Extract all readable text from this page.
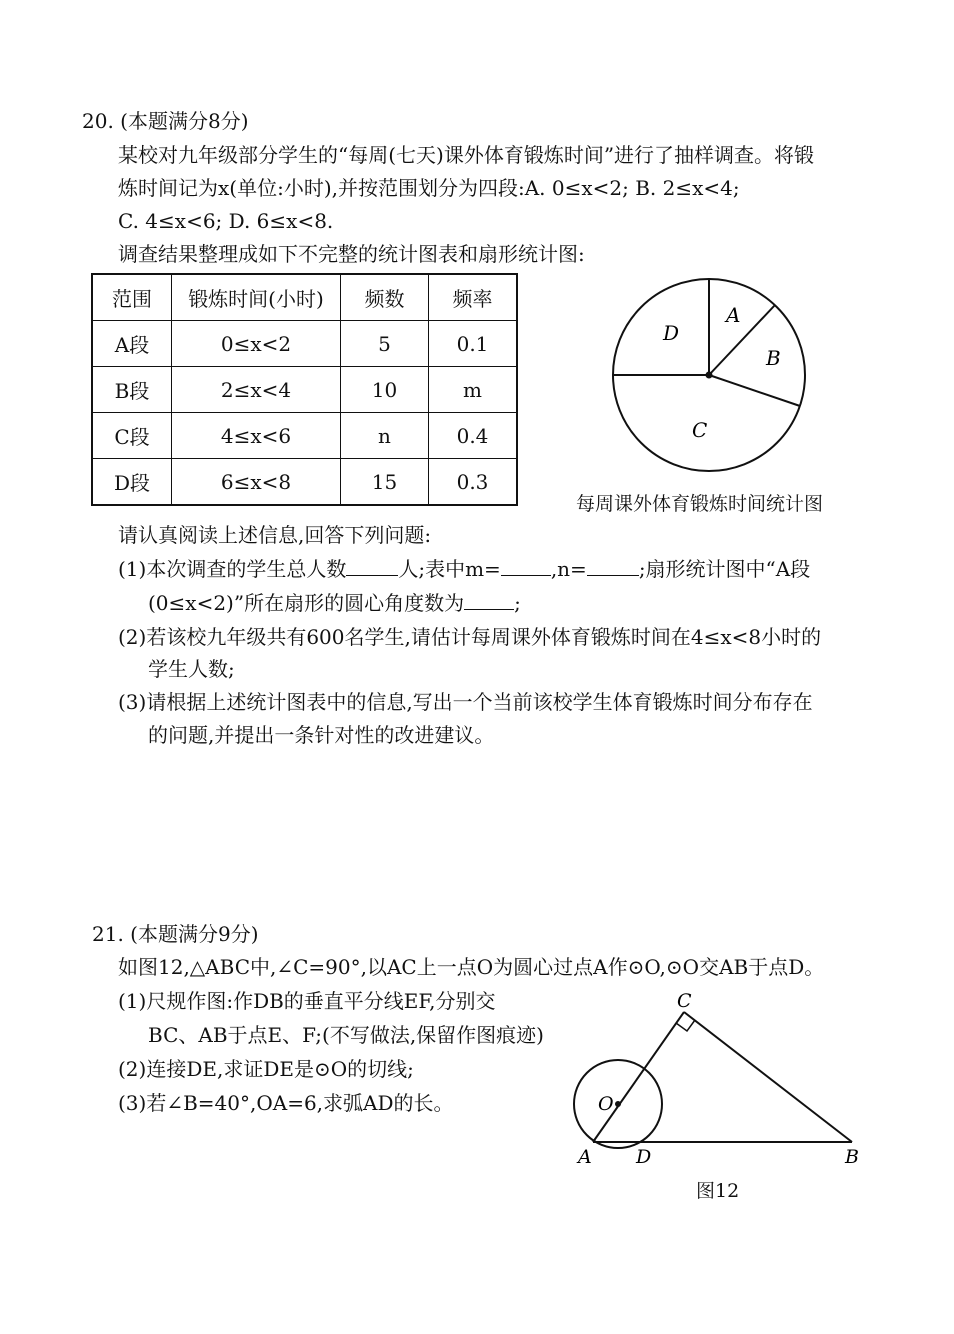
20. (本题满分8分)
某校对九年级部分学生的“每周(七天)课外体育锻炼时间”进行了抽样调查。将锻
炼时间记为x(单位:小时),并按范围划分为四段:A. 0≤x<2; B. 2≤x<4;
C. 4≤x<6; D. 6≤x<8.
调查结果整理成如下不完整的统计图表和扇形统计图:
范围	锻炼时间(小时)	频数	频率
A段	0≤x<2	5	0.1
B段	2≤x<4	10	m
C段	4≤x<6	n	0.4
D段	6≤x<8	15	0.3
D
A
B
C
每周课外体育锻炼时间统计图
请认真阅读上述信息,回答下列问题:
(1)本次调查的学生总人数	人;表中m=	,n=	;扇形统计图中“A段
(0≤x<2)”所在扇形的圆心角度数为	;
(2)若该校九年级共有600名学生,请估计每周课外体育锻炼时间在4≤x<8小时的
学生人数;
(3)请根据上述统计图表中的信息,写出一个当前该校学生体育锻炼时间分布存在
的问题,并提出一条针对性的改进建议。
21. (本题满分9分)
如图12,△ABC中,∠C=90°,以AC上一点O为圆心过点A作⊙O,⊙O交AB于点D。
(1)尺规作图:作DB的垂直平分线EF,分别交
BC、AB于点E、F;(不写做法,保留作图痕迹)
(2)连接DE,求证DE是⊙O的切线;
(3)若∠B=40°,OA=6,求弧AD的长。
C
O
A D	B
图12
